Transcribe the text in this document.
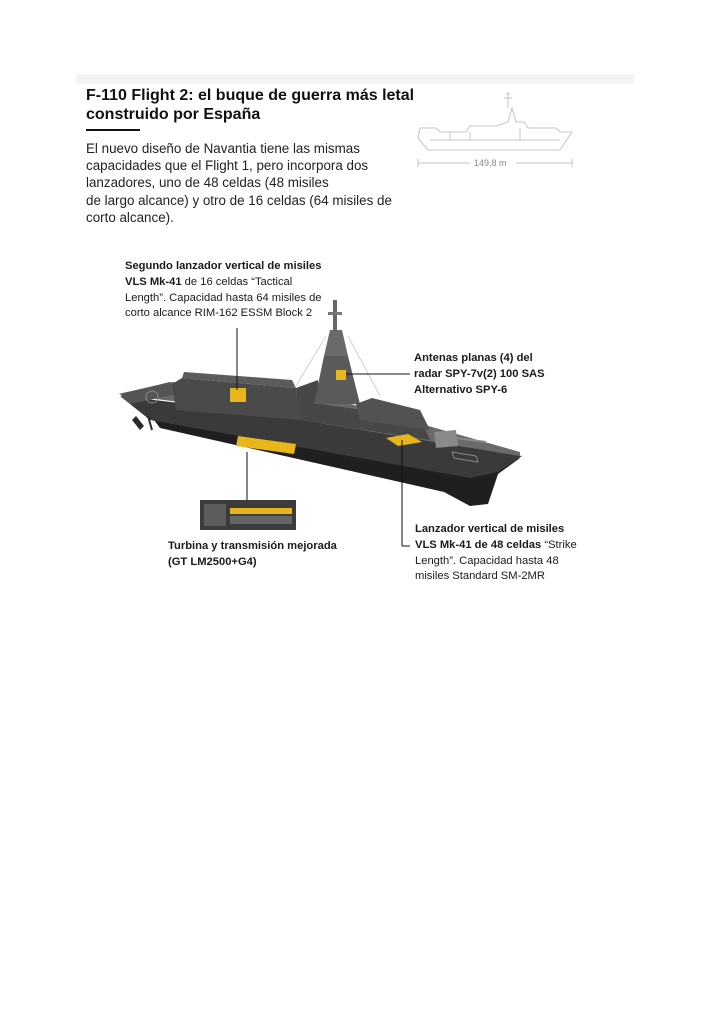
F-110 Flight 2: el buque de guerra más letal
construido por España
El nuevo diseño de Navantia tiene las mismas
capacidades que el Flight 1, pero incorpora dos
lanzadores, uno de 48 celdas (48 misiles
de largo alcance) y otro de 16 celdas (64 misiles de
corto alcance).
149,8 m
Segundo lanzador vertical de misiles
VLS Mk-41 de 16 celdas “Tactical
Length”. Capacidad hasta 64 misiles de
corto alcance RIM-162 ESSM Block 2
Antenas planas (4) del
radar SPY-7v(2) 100 SAS
Alternativo SPY-6
Turbina y transmisión mejorada
(GT LM2500+G4)
Lanzador vertical de misiles
VLS Mk-41 de 48 celdas “Strike
Length”. Capacidad hasta 48
misiles Standard SM-2MR
